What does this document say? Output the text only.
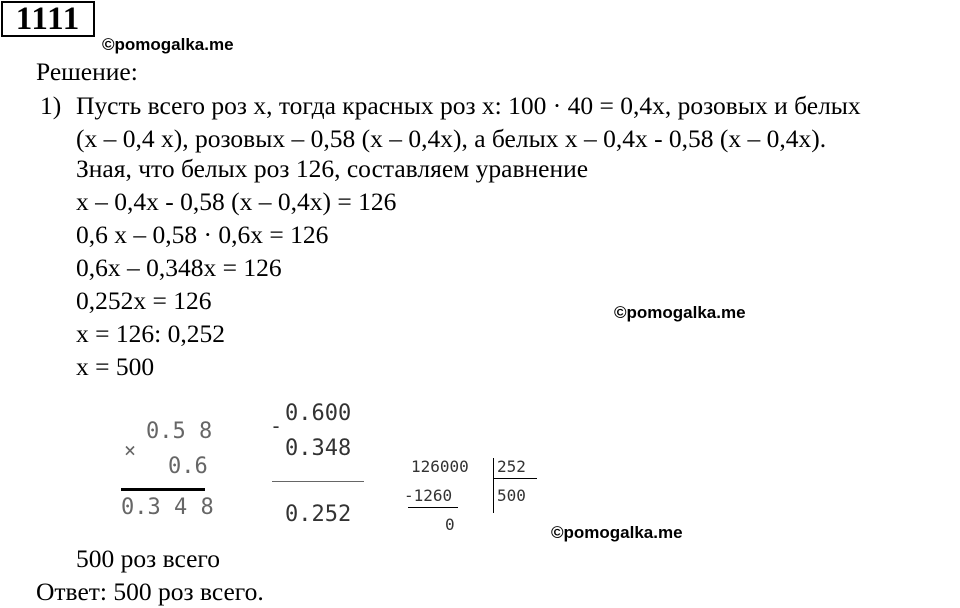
1111
©pomogalka.me
©pomogalka.me
©pomogalka.me
Решение:
1) Пусть всего роз x, тогда красных роз x: 100 · 40 = 0,4x, розовых и белых
(x – 0,4 x), розовых – 0,58 (x – 0,4x), а белых x – 0,4x - 0,58 (x – 0,4x).
Зная, что белых роз 126, составляем уравнение
x – 0,4x - 0,58 (x – 0,4x) = 126
0,6 x – 0,58 · 0,6x = 126
0,6x – 0,348x = 126
0,252x = 126
x = 126: 0,252
x = 500
×
0.5 8
0.6
0.3 4 8
- 0.600
0.348
0.252
126000 252
-1260	500
0
500 роз всего
Ответ: 500 роз всего.
